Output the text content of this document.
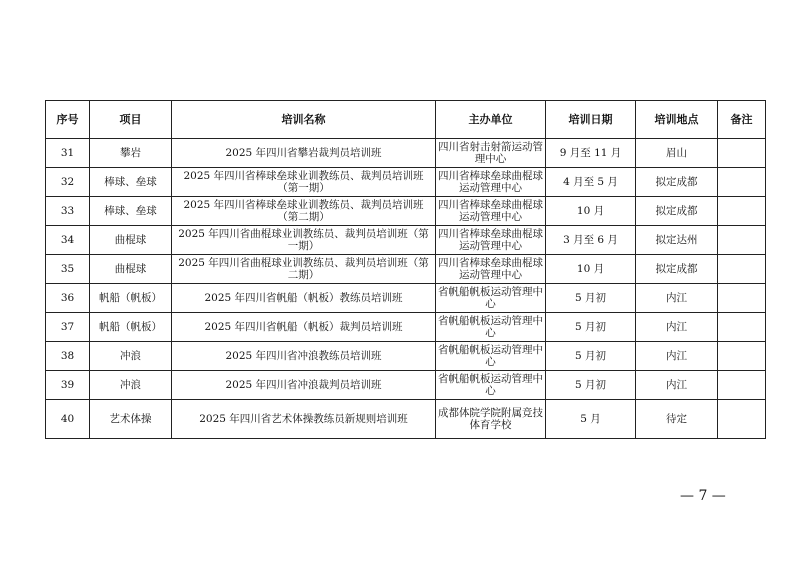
序号	项目	培训名称	主办单位	培训日期	培训地点	备注
31	攀岩	2025 年四川省攀岩裁判员培训班	四川省射击射箭运动管理中心	9 月至 11 月	眉山	
32	棒球、垒球	2025 年四川省棒球垒球业训教练员、裁判员培训班（第一期）	四川省棒球垒球曲棍球运动管理中心	4 月至 5 月	拟定成都	
33	棒球、垒球	2025 年四川省棒球垒球业训教练员、裁判员培训班（第二期）	四川省棒球垒球曲棍球运动管理中心	10 月	拟定成都	
34	曲棍球	2025 年四川省曲棍球业训教练员、裁判员培训班（第一期）	四川省棒球垒球曲棍球运动管理中心	3 月至 6 月	拟定达州	
35	曲棍球	2025 年四川省曲棍球业训教练员、裁判员培训班（第二期）	四川省棒球垒球曲棍球运动管理中心	10 月	拟定成都	
36	帆船（帆板）	2025 年四川省帆船（帆板）教练员培训班	省帆船帆板运动管理中心	5 月初	内江	
37	帆船（帆板）	2025 年四川省帆船（帆板）裁判员培训班	省帆船帆板运动管理中心	5 月初	内江	
38	冲浪	2025 年四川省冲浪教练员培训班	省帆船帆板运动管理中心	5 月初	内江	
39	冲浪	2025 年四川省冲浪裁判员培训班	省帆船帆板运动管理中心	5 月初	内江	
40	艺术体操	2025 年四川省艺术体操教练员新规则培训班	成都体院学院附属竞技体育学校	5 月	待定	
— 7 —
